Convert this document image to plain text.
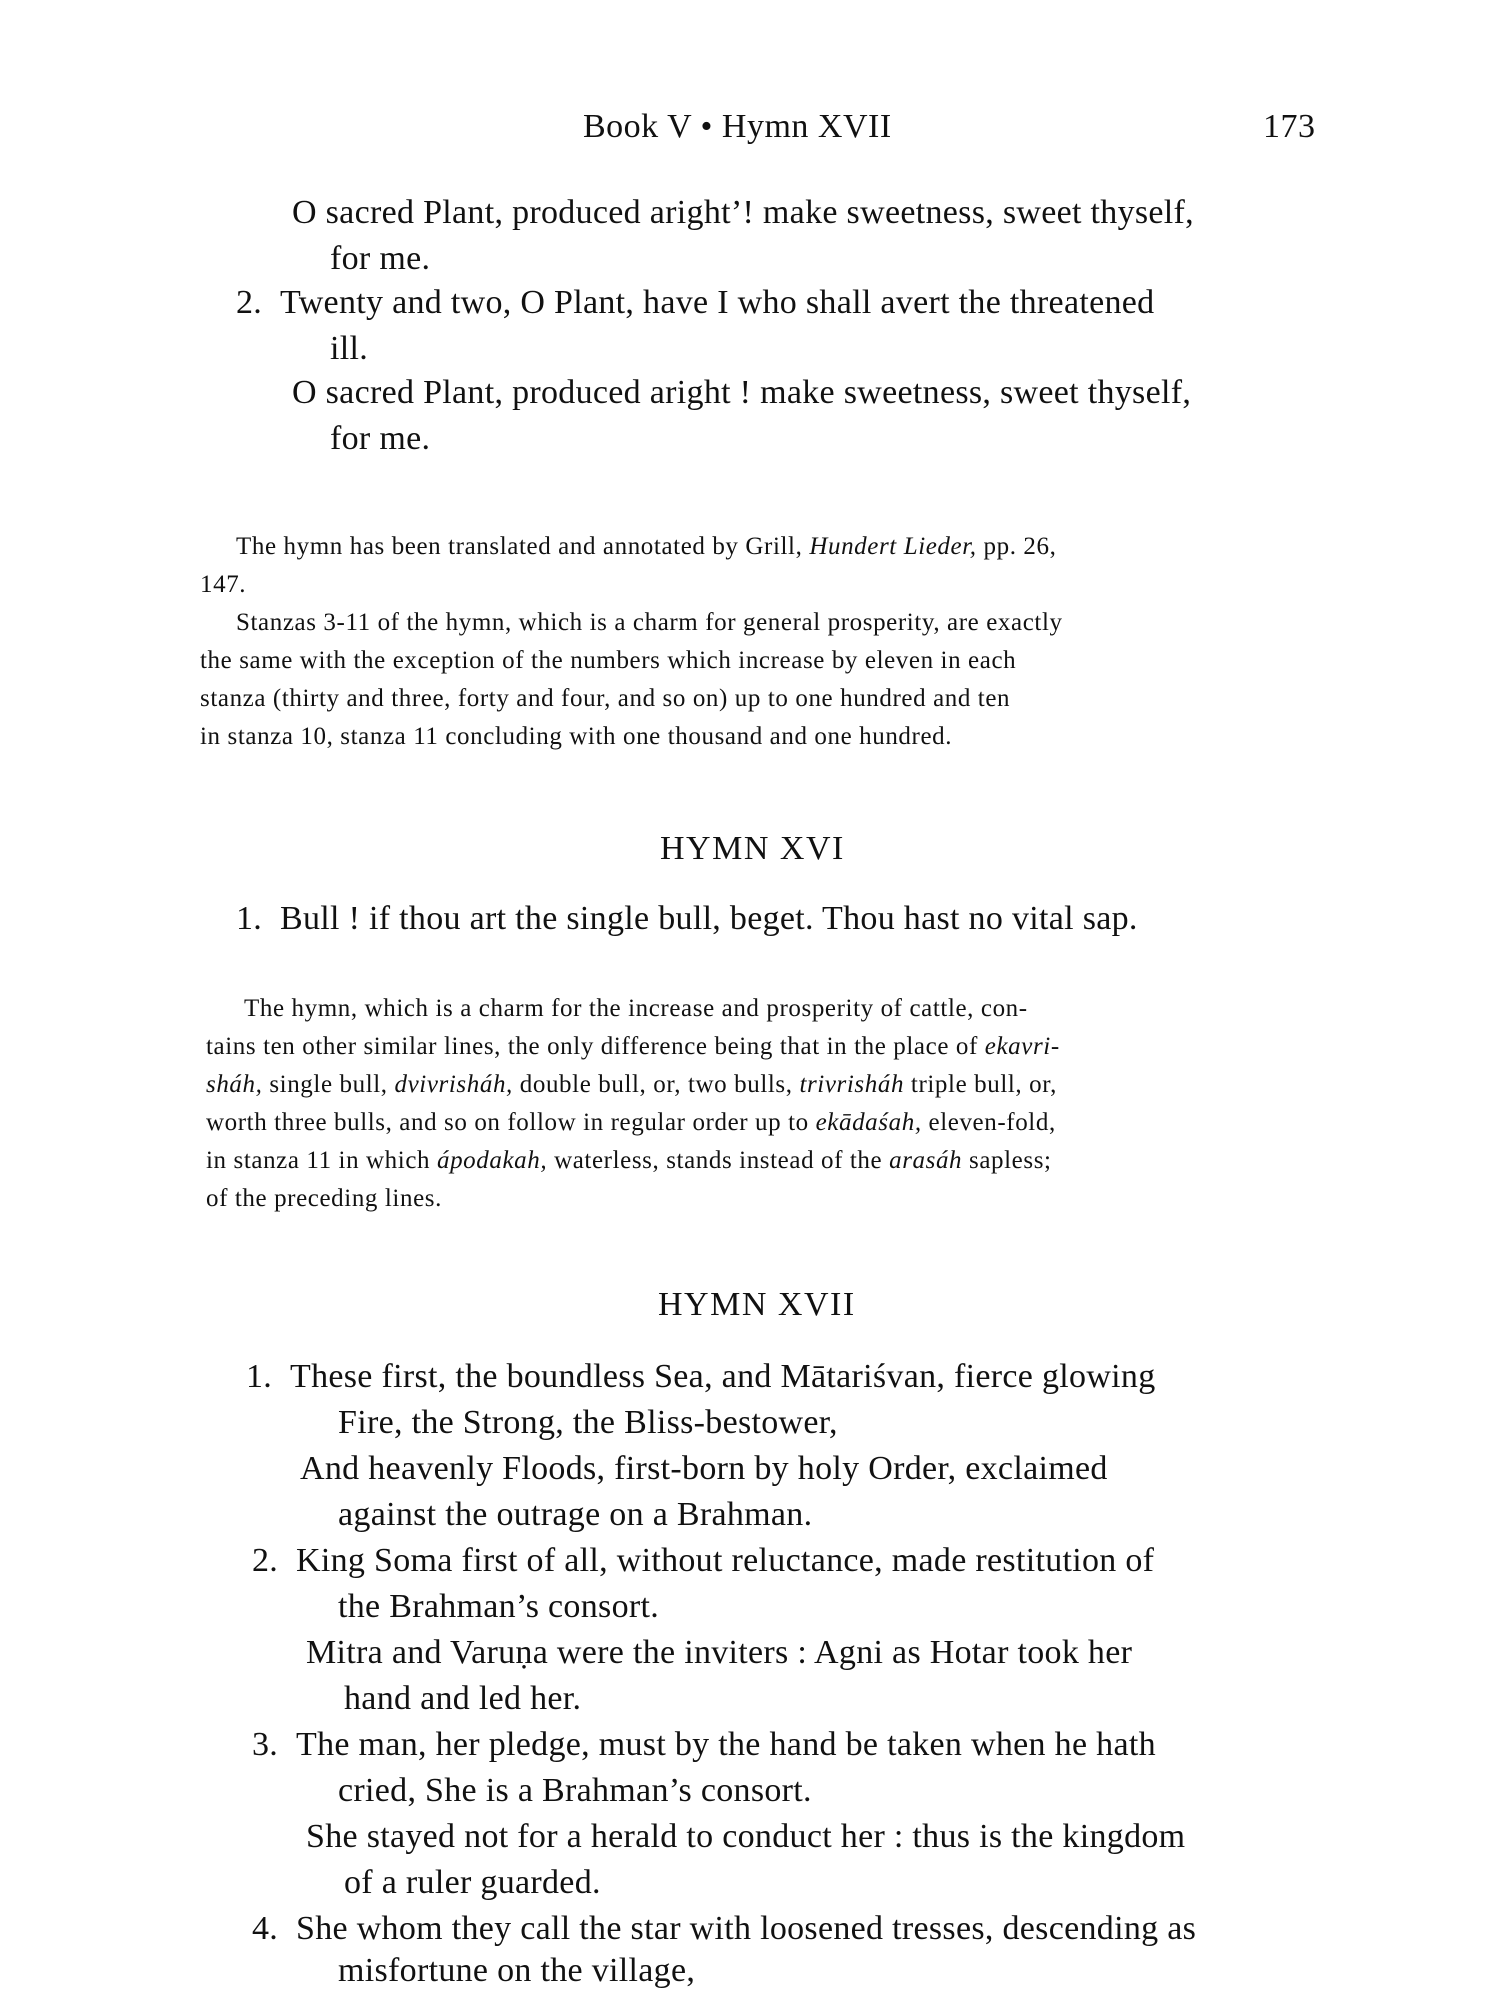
Book V • Hymn XVII	173
O sacred Plant, produced aright’! make sweetness, sweet thyself,
for me.
2. Twenty and two, O Plant, have I who shall avert the threatened
ill.
O sacred Plant, produced aright ! make sweetness, sweet thyself,
for me.
The hymn has been translated and annotated by Grill, Hundert Lieder, pp. 26,
147.
Stanzas 3-11 of the hymn, which is a charm for general prosperity, are exactly
the same with the exception of the numbers which increase by eleven in each
stanza (thirty and three, forty and four, and so on) up to one hundred and ten
in stanza 10, stanza 11 concluding with one thousand and one hundred.
HYMN XVI
1. Bull ! if thou art the single bull, beget. Thou hast no vital sap.
The hymn, which is a charm for the increase and prosperity of cattle, con-
tains ten other similar lines, the only difference being that in the place of ekavri-
sháh, single bull, dvivrisháh, double bull, or, two bulls, trivrisháh triple bull, or,
worth three bulls, and so on follow in regular order up to ekādaśah, eleven-fold,
in stanza 11 in which ápodakah, waterless, stands instead of the arasáh sapless;
of the preceding lines.
HYMN XVII
1. These first, the boundless Sea, and Mātariśvan, fierce glowing
Fire, the Strong, the Bliss-bestower,
And heavenly Floods, first-born by holy Order, exclaimed
against the outrage on a Brahman.
2. King Soma first of all, without reluctance, made restitution of
the Brahman’s consort.
Mitra and Varuṇa were the inviters : Agni as Hotar took her
hand and led her.
3. The man, her pledge, must by the hand be taken when he hath
cried, She is a Brahman’s consort.
She stayed not for a herald to conduct her : thus is the kingdom
of a ruler guarded.
4. She whom they call the star with loosened tresses, descending as
misfortune on the village,
